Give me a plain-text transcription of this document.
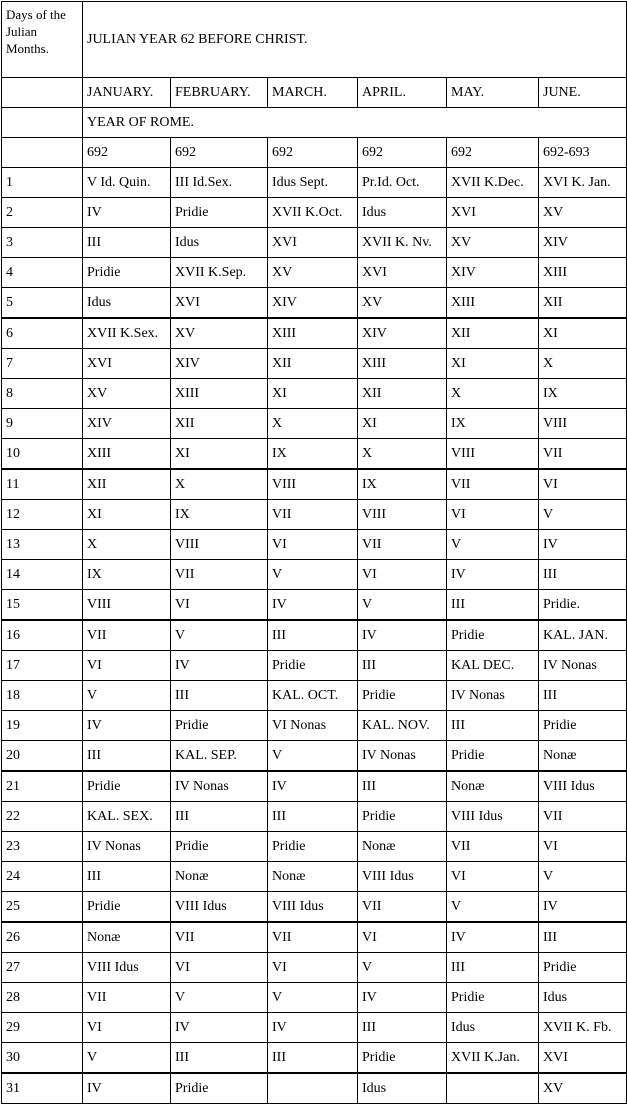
Days of the Julian Months.	JULIAN YEAR 62 BEFORE CHRIST.					
	JANUARY.	FEBRUARY.	MARCH.	APRIL.	MAY.	JUNE.
	YEAR OF ROME.					
	692	692	692	692	692	692-693
1	V Id. Quin.	III Id.Sex.	Idus Sept.	Pr.Id. Oct.	XVII K.Dec.	XVI K. Jan.
2	IV	Pridie	XVII K.Oct.	Idus	XVI	XV
3	III	Idus	XVI	XVII K. Nv.	XV	XIV
4	Pridie	XVII K.Sep.	XV	XVI	XIV	XIII
5	Idus	XVI	XIV	XV	XIII	XII
6	XVII K.Sex.	XV	XIII	XIV	XII	XI
7	XVI	XIV	XII	XIII	XI	X
8	XV	XIII	XI	XII	X	IX
9	XIV	XII	X	XI	IX	VIII
10	XIII	XI	IX	X	VIII	VII
11	XII	X	VIII	IX	VII	VI
12	XI	IX	VII	VIII	VI	V
13	X	VIII	VI	VII	V	IV
14	IX	VII	V	VI	IV	III
15	VIII	VI	IV	V	III	Pridie.
16	VII	V	III	IV	Pridie	KAL. JAN.
17	VI	IV	Pridie	III	KAL DEC.	IV Nonas
18	V	III	KAL. OCT.	Pridie	IV Nonas	III
19	IV	Pridie	VI Nonas	KAL. NOV.	III	Pridie
20	III	KAL. SEP.	V	IV Nonas	Pridie	Nonæ
21	Pridie	IV Nonas	IV	III	Nonæ	VIII Idus
22	KAL. SEX.	III	III	Pridie	VIII Idus	VII
23	IV Nonas	Pridie	Pridie	Nonæ	VII	VI
24	III	Nonæ	Nonæ	VIII Idus	VI	V
25	Pridie	VIII Idus	VIII Idus	VII	V	IV
26	Nonæ	VII	VII	VI	IV	III
27	VIII Idus	VI	VI	V	III	Pridie
28	VII	V	V	IV	Pridie	Idus
29	VI	IV	IV	III	Idus	XVII K. Fb.
30	V	III	III	Pridie	XVII K.Jan.	XVI
31	IV	Pridie		Idus		XV
